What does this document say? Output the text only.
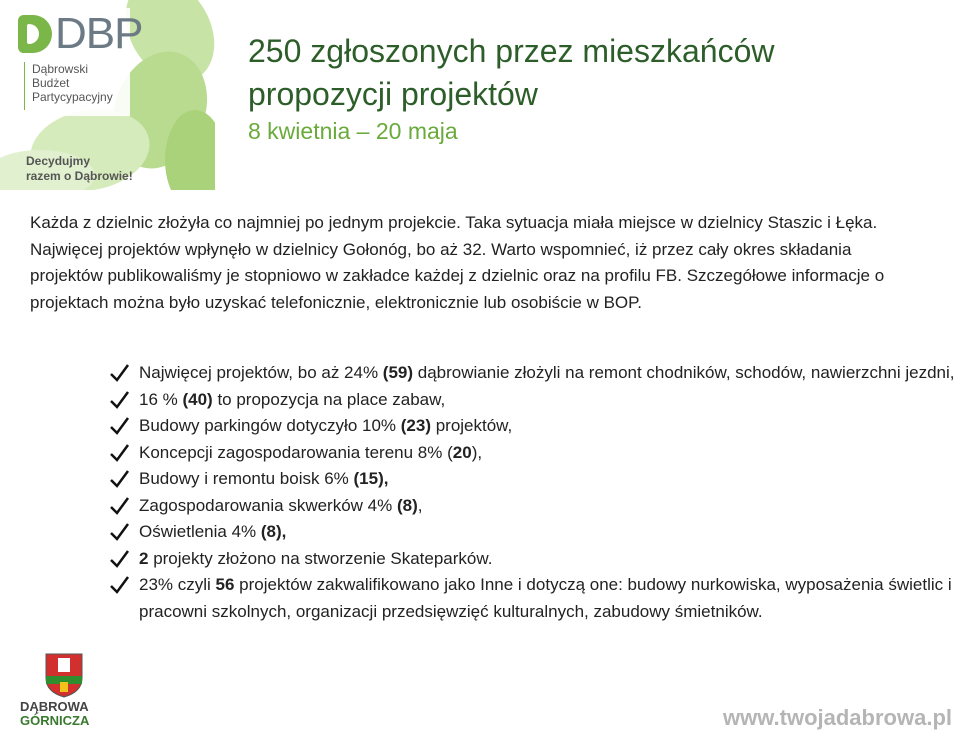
DBP
Dąbrowski
Budżet
Partycypacyjny
Decydujmy
razem o Dąbrowie!
250 zgłoszonych przez mieszkańców
propozycji projektów
8 kwietnia – 20 maja
Każda z dzielnic złożyła co najmniej po jednym projekcie. Taka sytuacja miała miejsce w dzielnicy Staszic i Łęka. Najwięcej projektów wpłynęło w dzielnicy Gołonóg, bo aż 32. Warto wspomnieć, iż przez cały okres składania projektów publikowaliśmy je stopniowo w zakładce każdej z dzielnic oraz na profilu FB. Szczegółowe informacje o projektach można było uzyskać telefonicznie, elektronicznie lub osobiście w BOP.
Najwięcej projektów, bo aż 24% (59) dąbrowianie złożyli na remont chodników, schodów, nawierzchni jezdni,
16 % (40) to propozycja na place zabaw,
Budowy parkingów dotyczyło 10% (23) projektów,
Koncepcji zagospodarowania terenu 8% (20),
Budowy i remontu boisk 6% (15),
Zagospodarowania skwerków 4% (8),
Oświetlenia 4% (8),
2 projekty złożono na stworzenie Skateparków.
23% czyli 56 projektów zakwalifikowano jako Inne i dotyczą one: budowy nurkowiska, wyposażenia świetlic i pracowni szkolnych, organizacji przedsięwzięć kulturalnych, zabudowy śmietników.
DĄBROWA
GÓRNICZA	www.twojadabrowa.pl
